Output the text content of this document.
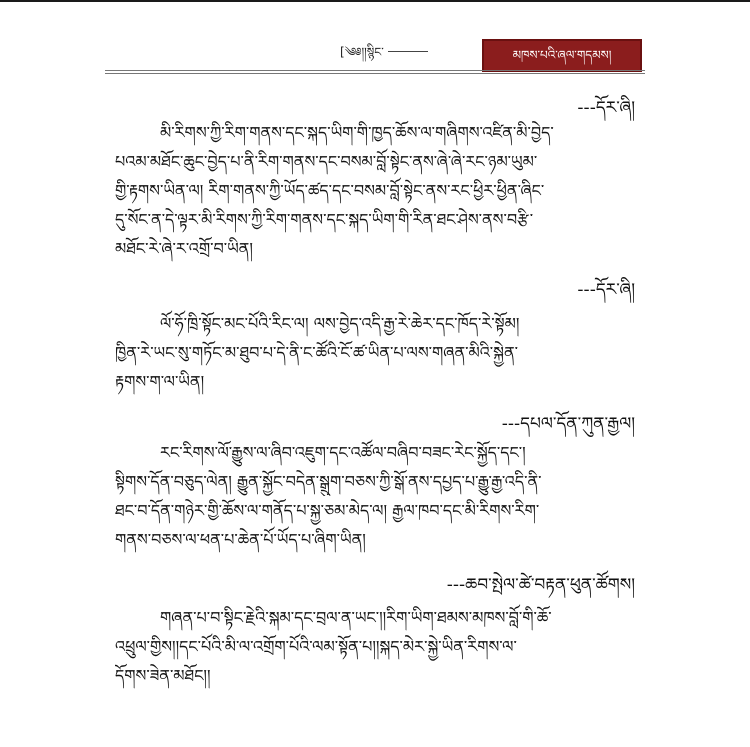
[༄༅།།སྙིང་	མཁས་པའི་ཞལ་གདམས།
---དོར་ཞི།
མི་རིགས་ཀྱི་རིག་གནས་དང་སྐད་ཡིག་གི་ཁྱད་ཆོས་ལ་གཞིགས་འཛིན་མི་བྱེད་
པའམ་མཐོང་ཆུང་བྱེད་པ་ནི་རིག་གནས་དང་བསམ་བློ་སྟེང་ནས་ཞེ་ཞེ་རང་ཉམ་ཡུམ་
གྱི་རྟགས་ཡིན་ལ། རིག་གནས་ཀྱི་ཡོད་ཚད་དང་བསམ་བློ་སྟེང་ནས་རང་ཕྱིར་ཕྱིན་ཞིང་
དུ་སོང་ན་དེ་ལྟར་མི་རིགས་ཀྱི་རིག་གནས་དང་སྐད་ཡིག་གི་རིན་ཐང་ཤེས་ནས་བརྩི་
མཐོང་རེ་ཞེ་ར་འགྲོ་བ་ཡིན།
---དོར་ཞི།
ལོ་ཧོ་ཁྲི་སྟོང་མང་པོའི་རིང་ལ། ལས་བྱེད་འདི་རྒྱ་རེ་ཆེར་དང་ཁོད་རེ་སྟོམ།
ཁྱིན་རེ་ཡང་སུ་གཏོང་མ་ཐུབ་པ་དེ་ནི་ང་ཚོའི་ངོ་ཚ་ཡིན་པ་ལས་གཞན་མིའི་སྐྱེན་
རྟགས་ག་ལ་ཡིན།
---དཔལ་དོན་ཀུན་རྒྱལ།
རང་རིགས་ལོ་རྒྱུས་ལ་ཞིབ་འཇུག་དང་འཚོལ་བཞིབ་བཟང་རེང་སྐྱོད་དང་།
སྟིགས་དོན་བཅུད་ལེན། རྒྱུན་སྐྱོང་བདེན་སྒྲུག་བཅས་ཀྱི་སྒོ་ནས་དཔྱད་པ་རྒྱུ་རྒྱ་འདི་ནི་
ཐང་བ་དོན་གཉེར་གྱི་ཆོས་ལ་གནོད་པ་སྐྱ་ཅམ་མེད་ལ། རྒྱལ་ཁབ་དང་མི་རིགས་རིག་
གནས་བཅས་ལ་ཕན་པ་ཆེན་པོ་ཡོད་པ་ཞིག་ཡིན།
---ཆབ་སྤེལ་ཚེ་བརྟན་ཕུན་ཚོགས།
གཞན་པ་བ་སྟིང་རྗེའི་སྐམ་དང་བྲལ་ན་ཡང་།།རིག་ཡིག་ཐམས་མཁས་བློ་གི་ཆོ་
འཕྲུལ་གྱིས།།དང་པོའི་མི་ལ་འགྲོག་པོའི་ལམ་སྟོན་པ།།སྐད་མེར་སྐྱེ་ཡིན་རིགས་ལ་
དོགས་ཟེན་མཐོང།།
